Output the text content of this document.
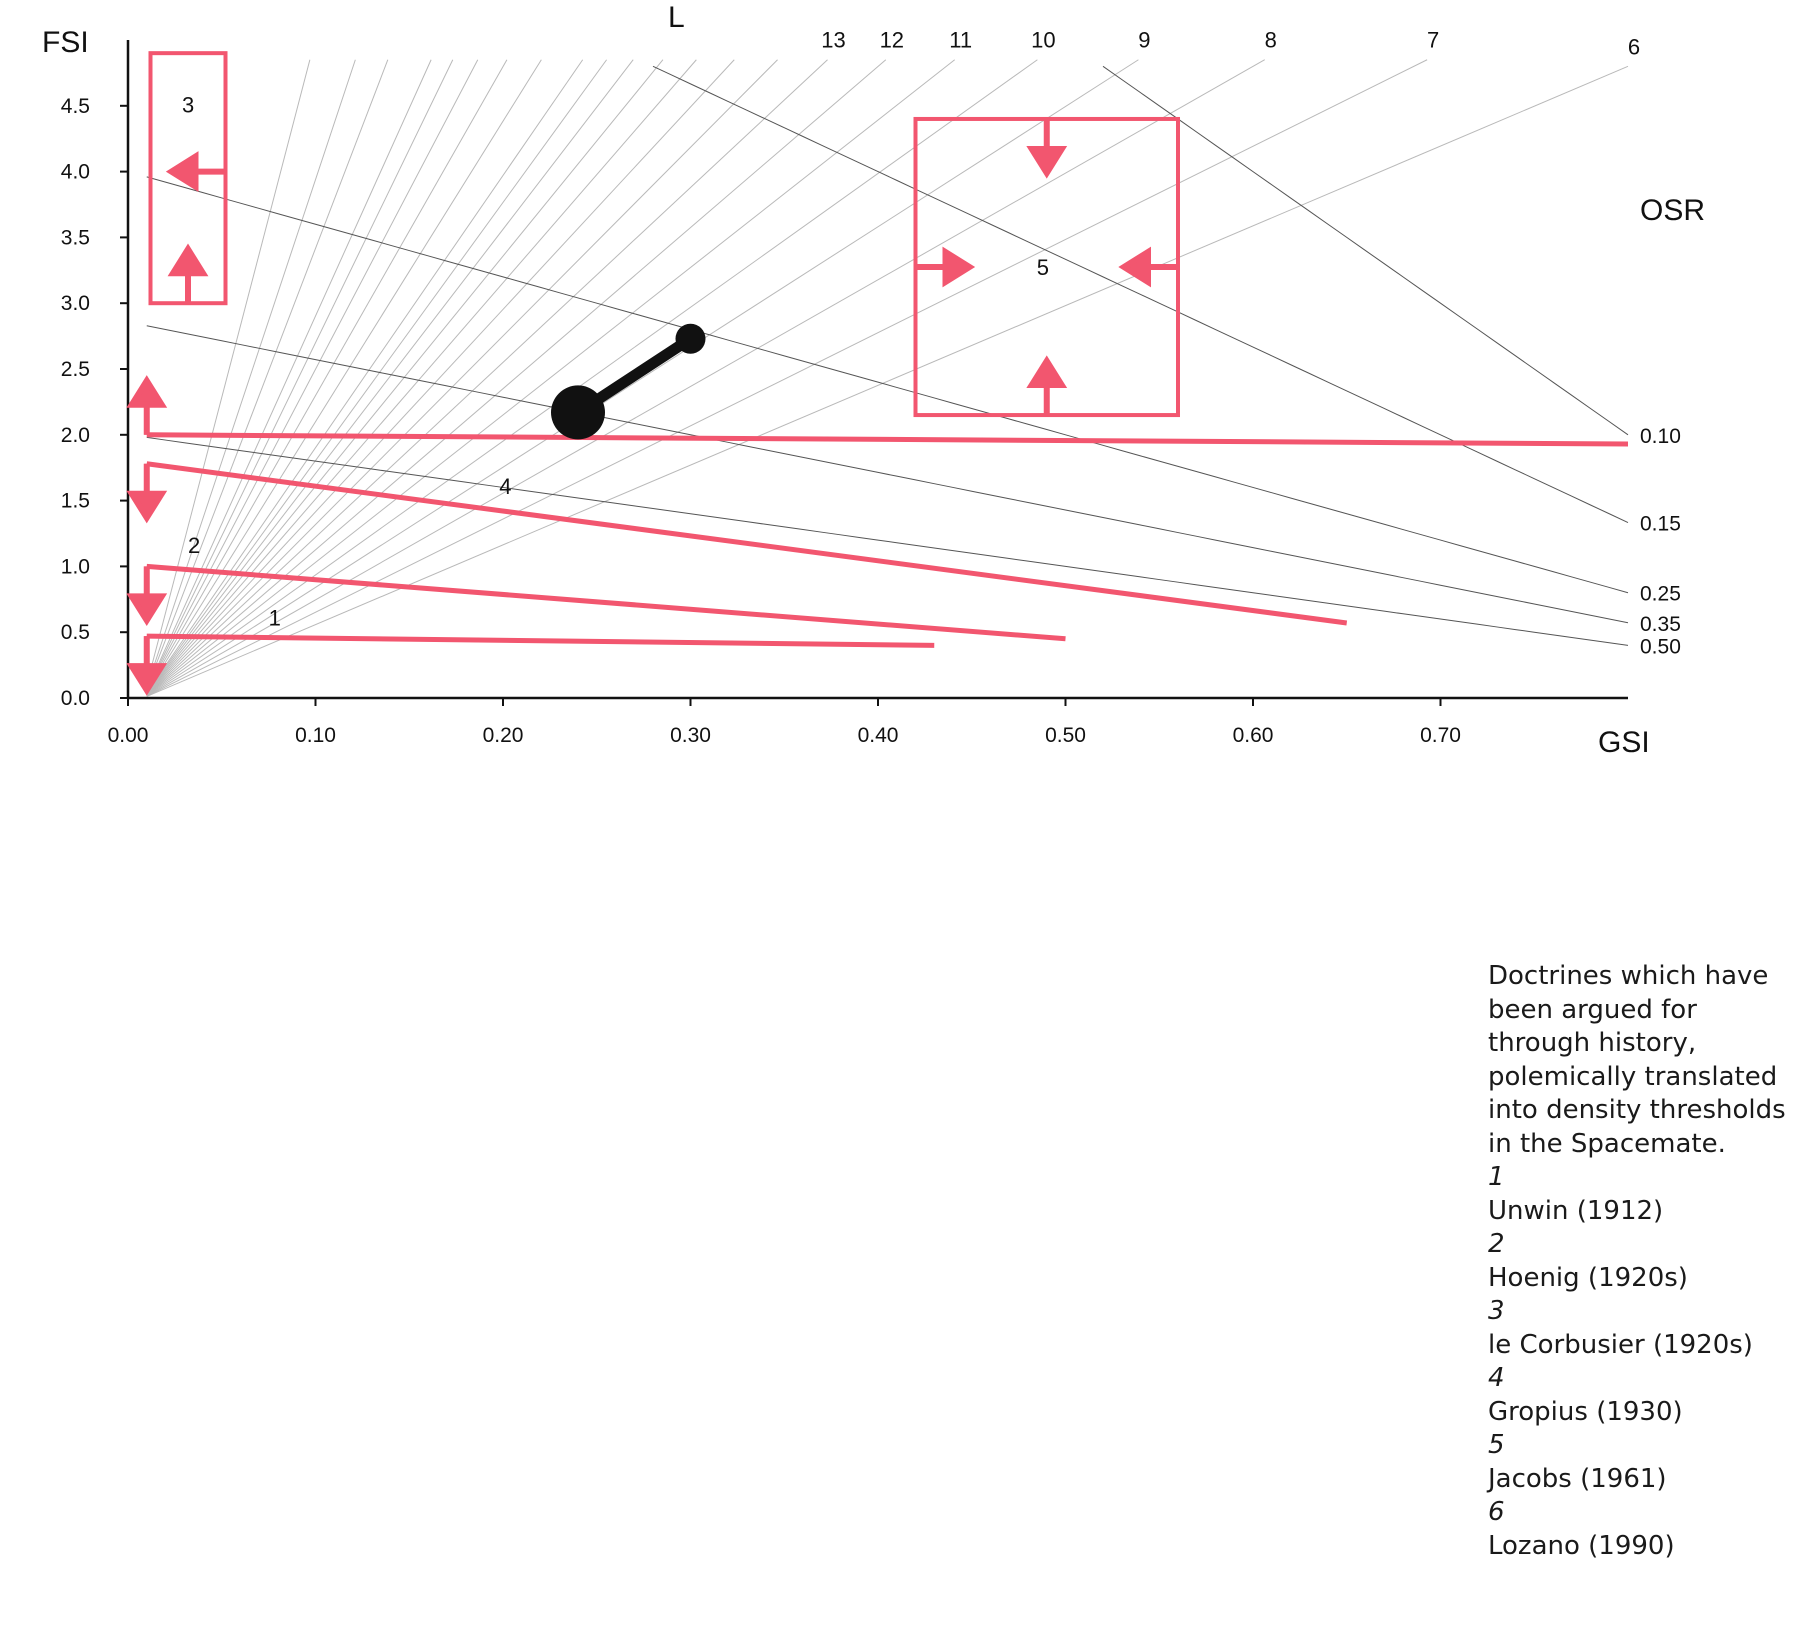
FSI
GSI
OSR
L
13 12 11	10	9	8	7	6
0.10
0.15
0.25
0.35
0.50
0.00	0.10	0.20	0.30	0.40	0.50	0.60	0.70
0.0
0.5
1.0
1.5
2.0
2.5
3.0
3.5
4.0
4.5
1
2
3
4
5
Doctrines which have been argued for through history, polemically translated into density thresholds in the Spacemate.
1
Unwin (1912)
2
Hoenig (1920s)
3
le Corbusier (1920s)
4
Gropius (1930)
5
Jacobs (1961)
6
Lozano (1990)
